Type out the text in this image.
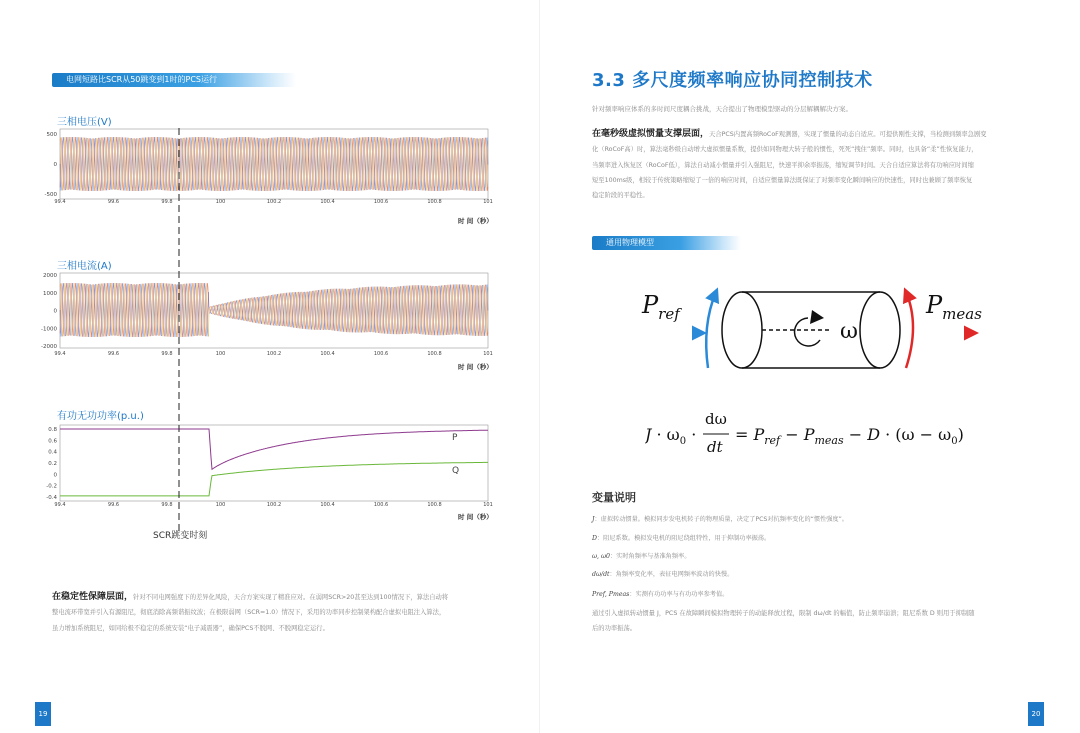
电网短路比SCR从50跳变到1时的PCS运行
三相电压(V)
500
0
-500
99.4	99.6	99.8	100	100.2	100.4	100.6	100.8	101
时 间（秒）
三相电流(A)
2000
1000
0
-1000
-2000
99.4	99.6	99.8	100	100.2	100.4	100.6	100.8	101
时 间（秒）
有功无功功率(p.u.)
0.8
0.6
0.4
0.2
0
-0.2
-0.4
99.4	99.6	99.8	100	100.2	100.4	100.6	100.8	101
P
Q
时 间（秒）
SCR跳变时刻
在稳定性保障层面，针对不同电网强度下的差异化风险，天合方案实现了精准应对。在弱网SCR>20甚至达到100情况下，算法自动将
整电流环带宽并引入有源阻尼，彻底消除高频谐振纹波；在极限弱网（SCR=1.0）情况下，采用的功率同步控制架构配合虚拟电阻注入算法，
虽力增加系统阻尼，如同给极不稳定的系统安装“电子减震器”，确保PCS不脱网、不脱网稳定运行。
19
3.3 多尺度频率响应协同控制技术
针对频率响应体系的多时间尺度耦合挑战，天合提出了物理模型驱动的分层解耦解决方案。
在毫秒级虚拟惯量支撑层面，天合PCS内置高频RoCoF观测器，实现了惯量的动态自适应。可提供刚性支撑，当检测到频率急剧变
化（RoCoF高）时，算法毫秒级自动增大虚拟惯量系数，提供如同物理大转子般的惯性，死死“拽住”频率。同时，也具备“柔”性恢复能力，
当频率进入恢复区（RoCoF低），算法自动减小惯量并引入强阻尼，快速平抑余率振荡，缩短调节时间。天合自适应算法将有功响应时间缩
短至100ms级，相较于传统策略缩短了一倍的响应时间，自适应惯量算法既保证了对频率变化瞬间响应的快速性，同时也兼顾了频率恢复
稳定阶段的平稳性。
通用物理模型
$P_{ref}$
ω
$P_{meas}$
$J \cdot \omega_0$ ·
dω
dt
= $P_{ref} - P_{meas} - D \cdot (\omega - \omega_0)$
变量说明
J：虚拟转动惯量。模拟同步发电机转子的物理质量，决定了PCS对抗频率变化的“惯性强度”。
D：阻尼系数。模拟发电机的阻尼绕组特性，用于抑制功率振荡。
ω, ω0：实时角频率与基准角频率。
dω/dt：角频率变化率，表征电网频率波动的快慢。
Pref, Pmeas：实测有功功率与有功功率参考值。
通过引入虚拟转动惯量 J，PCS 在故障瞬间模拟物理转子的动能释放过程，限制 dω/dt 的幅值，防止频率崩溃；阻尼系数 D 则用于抑制随
后的功率振荡。
20
